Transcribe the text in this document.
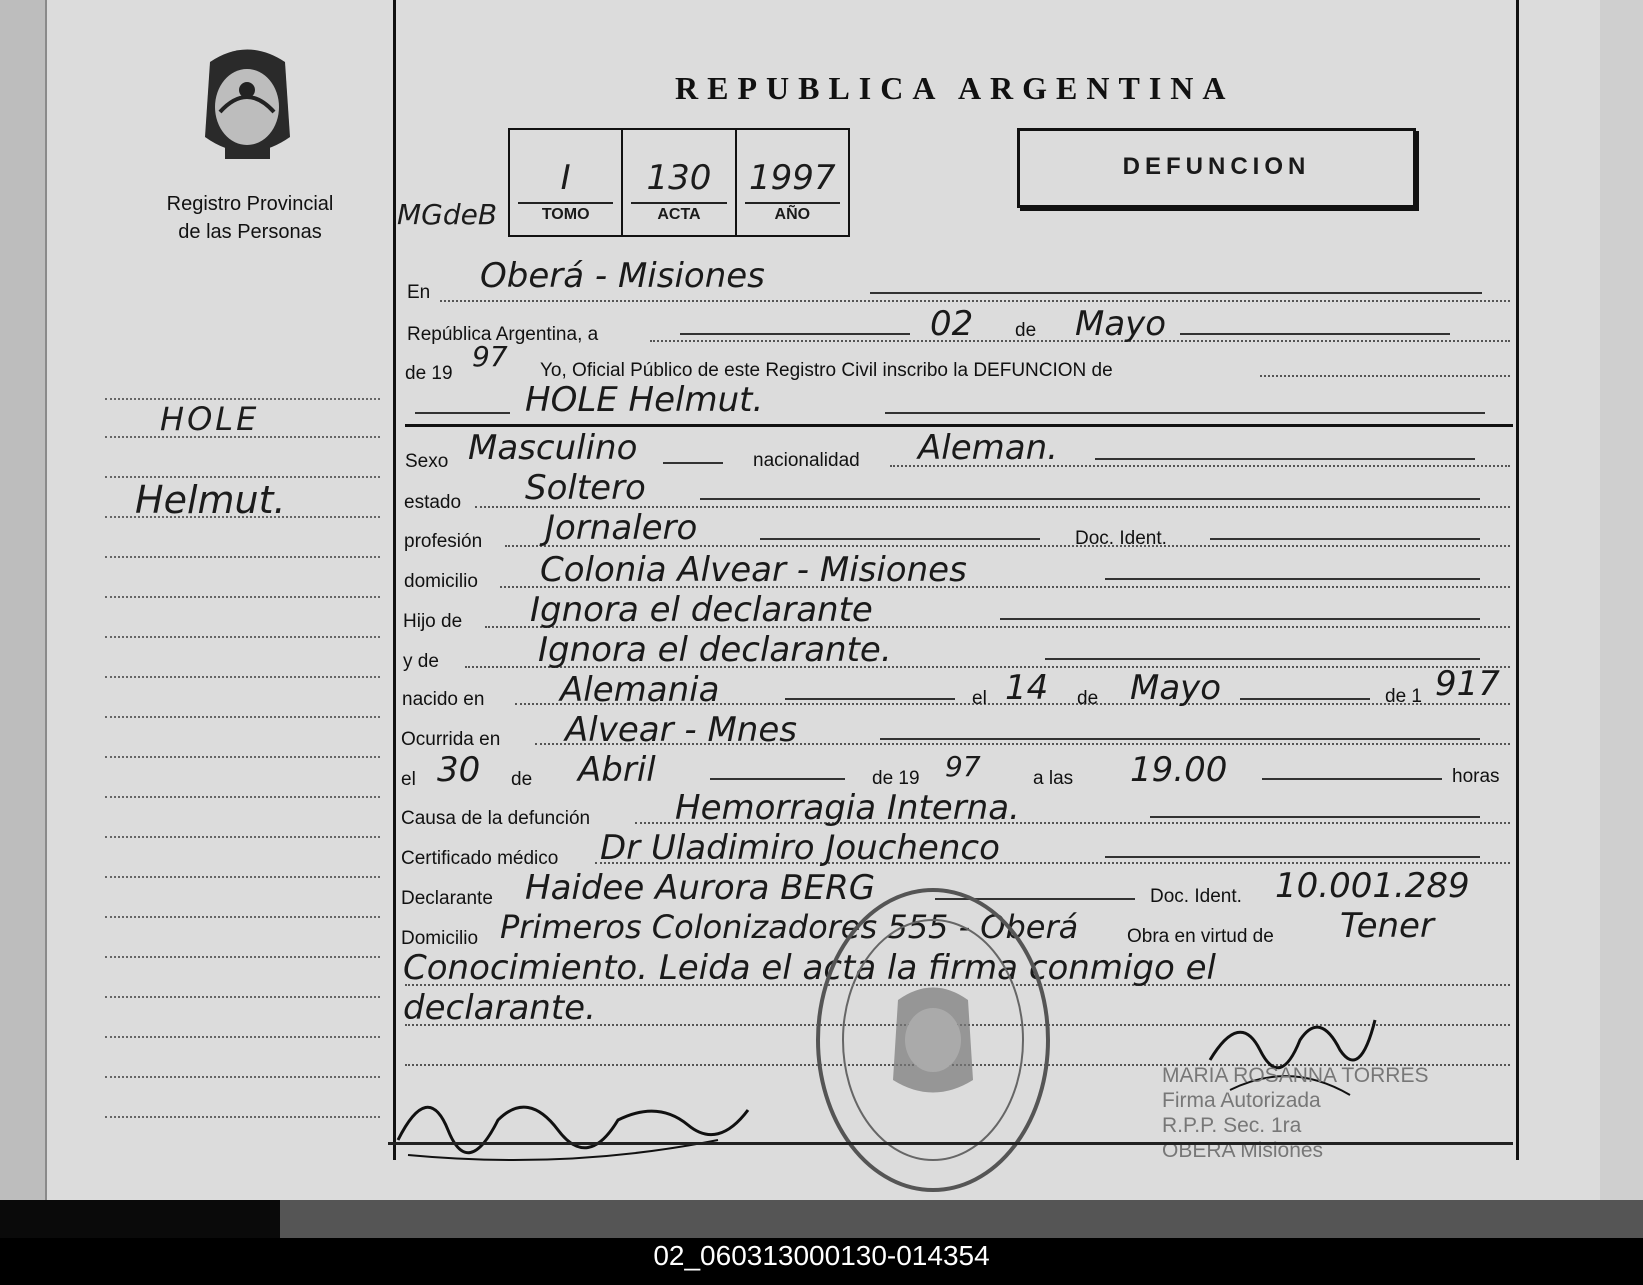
Registro Provincial
de las Personas
HOLE
Helmut.
REPUBLICA ARGENTINA
MGdeB
I
TOMO
130
ACTA
1997
AÑO
DEFUNCION
En Oberá - Misiones
República Argentina, a	02 de Mayo
de 19
97 Yo, Oficial Público de este Registro Civil inscribo la DEFUNCION de
HOLE Helmut.
Sexo Masculino	nacionalidad Aleman.
estado Soltero
profesión Jornalero	Doc. Ident.
domicilio Colonia Alvear - Misiones
Hijo de Ignora el declarante
y de	Ignora el declarante.
nacido en Alemania	el 14 de Mayo	de 1 917
Ocurrida en Alvear - Mnes
el 30 de Abril	de 19 97	a las 19.00	horas
Causa de la defunción Hemorragia Interna.
Certificado médico Dr Uladimiro Jouchenco
Declarante Haidee Aurora BERG	Doc. Ident. 10.001.289
Domicilio Primeros Colonizadores 555 - Oberá	Obra en virtud de Tener
Conocimiento. Leida el acta la firma conmigo el
declarante.
MARIA ROSANNA TORRES
Firma Autorizada
R.P.P. Sec. 1ra
OBERA Misiones
02_060313000130-014354
